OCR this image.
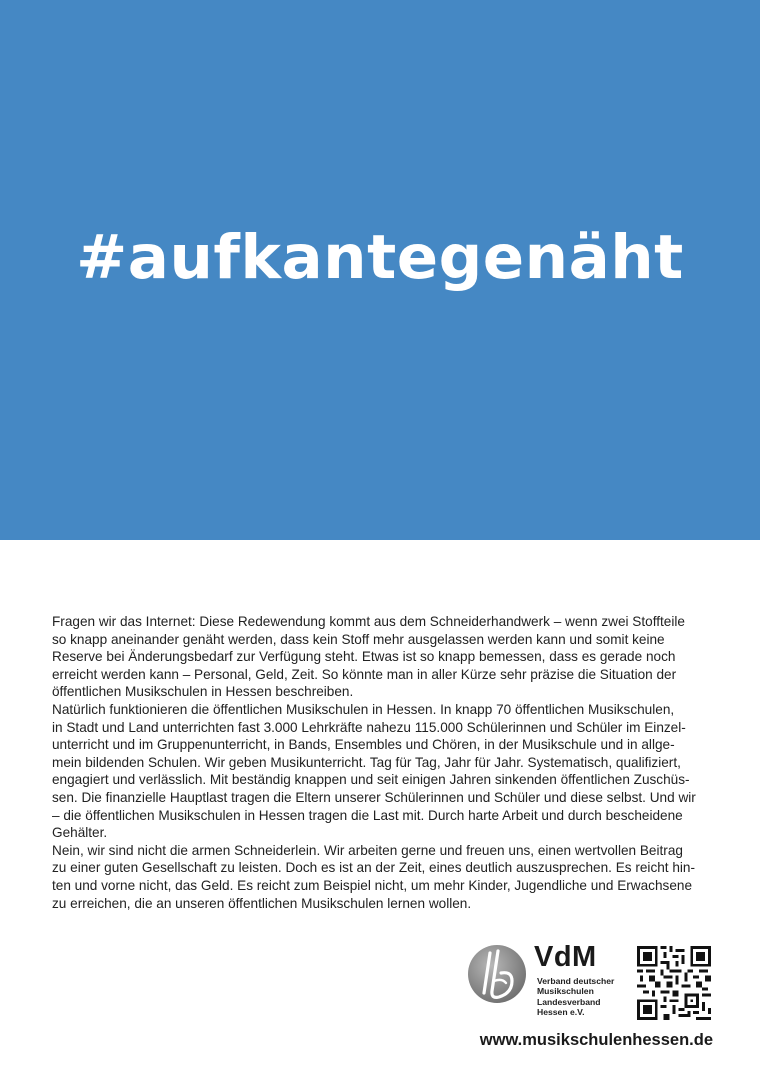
#aufkantegenäht

Fragen wir das Internet: Diese Redewendung kommt aus dem Schneiderhandwerk – wenn zwei Stoffteile

so knapp aneinander genäht werden, dass kein Stoff mehr ausgelassen werden kann und somit keine

Reserve bei Änderungsbedarf zur Verfügung steht. Etwas ist so knapp bemessen, dass es gerade noch

erreicht werden kann – Personal, Geld, Zeit. So könnte man in aller Kürze sehr präzise die Situation der

öffentlichen Musikschulen in Hessen beschreiben.

Natürlich funktionieren die öffentlichen Musikschulen in Hessen. In knapp 70 öffentlichen Musikschulen,

in Stadt und Land unterrichten fast 3.000 Lehrkräfte nahezu 115.000 Schülerinnen und Schüler im Einzel-

unterricht und im Gruppenunterricht, in Bands, Ensembles und Chören, in der Musikschule und in allge-

mein bildenden Schulen. Wir geben Musikunterricht. Tag für Tag, Jahr für Jahr. Systematisch, qualifiziert,

engagiert und verlässlich. Mit beständig knappen und seit einigen Jahren sinkenden öffentlichen Zuschüs-

sen. Die finanzielle Hauptlast tragen die Eltern unserer Schülerinnen und Schüler und diese selbst. Und wir

– die öffentlichen Musikschulen in Hessen tragen die Last mit. Durch harte Arbeit und durch bescheidene

Gehälter.

Nein, wir sind nicht die armen Schneiderlein. Wir arbeiten gerne und freuen uns, einen wertvollen Beitrag

zu einer guten Gesellschaft zu leisten. Doch es ist an der Zeit, eines deutlich auszusprechen. Es reicht hin-

ten und vorne nicht, das Geld. Es reicht zum Beispiel nicht, um mehr Kinder, Jugendliche und Erwachsene

zu erreichen, die an unseren öffentlichen Musikschulen lernen wollen.

VdM
Verband deutscher
Musikschulen
Landesverband
Hessen e.V.
www.musikschulenhessen.de
